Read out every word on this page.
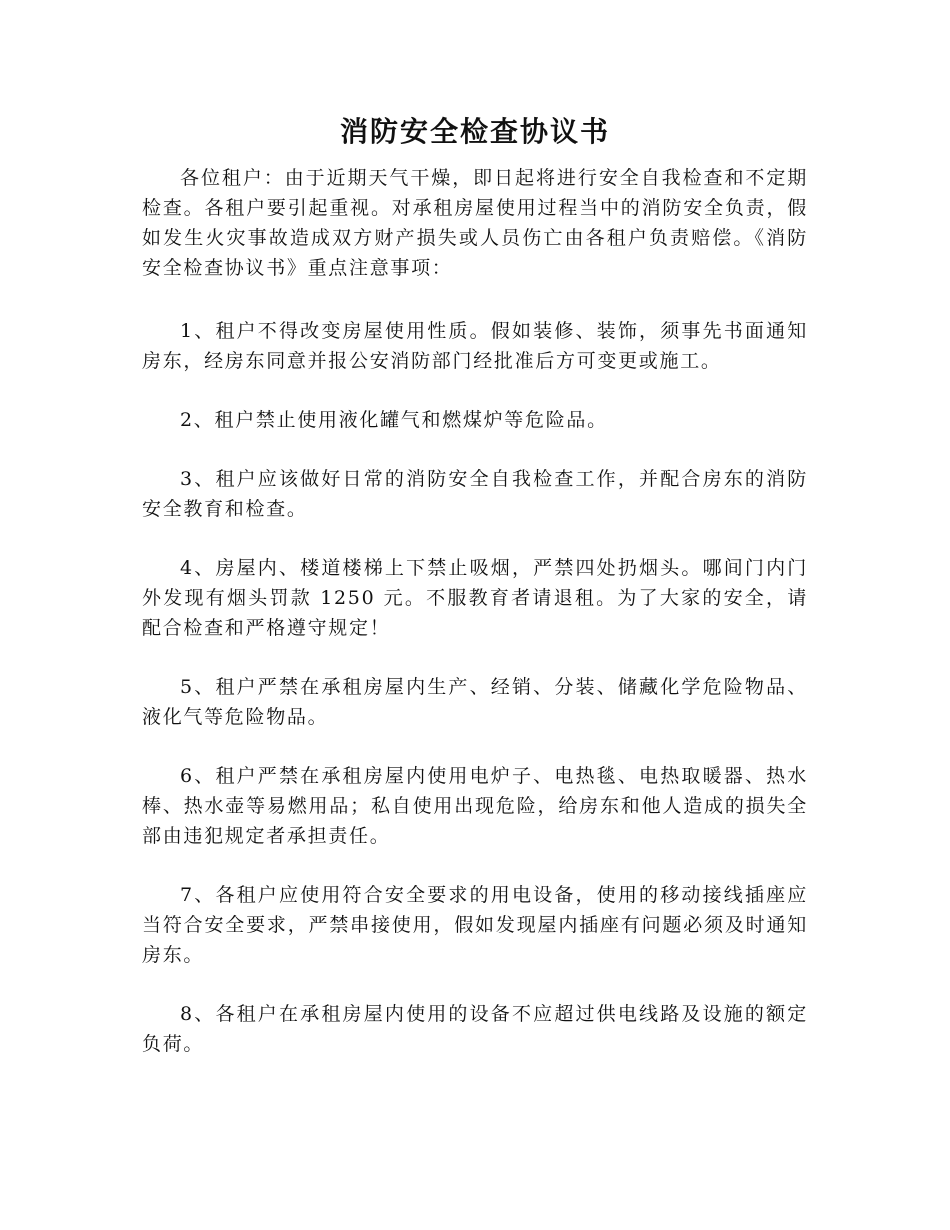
消防安全检查协议书

各位租户：由于近期天气干燥，即日起将进行安全自我检查和不定期检查。各租户要引起重视。对承租房屋使用过程当中的消防安全负责，假如发生火灾事故造成双方财产损失或人员伤亡由各租户负责赔偿。《消防安全检查协议书》重点注意事项：

1、租户不得改变房屋使用性质。假如装修、装饰，须事先书面通知房东，经房东同意并报公安消防部门经批准后方可变更或施工。

2、租户禁止使用液化罐气和燃煤炉等危险品。

3、租户应该做好日常的消防安全自我检查工作，并配合房东的消防安全教育和检查。

4、房屋内、楼道楼梯上下禁止吸烟，严禁四处扔烟头。哪间门内门外发现有烟头罚款 1250 元。不服教育者请退租。为了大家的安全，请配合检查和严格遵守规定！

5、租户严禁在承租房屋内生产、经销、分装、储藏化学危险物品、液化气等危险物品。

6、租户严禁在承租房屋内使用电炉子、电热毯、电热取暖器、热水棒、热水壶等易燃用品；私自使用出现危险，给房东和他人造成的损失全部由违犯规定者承担责任。

7、各租户应使用符合安全要求的用电设备，使用的移动接线插座应当符合安全要求，严禁串接使用，假如发现屋内插座有问题必须及时通知房东。

8、各租户在承租房屋内使用的设备不应超过供电线路及设施的额定负荷。
